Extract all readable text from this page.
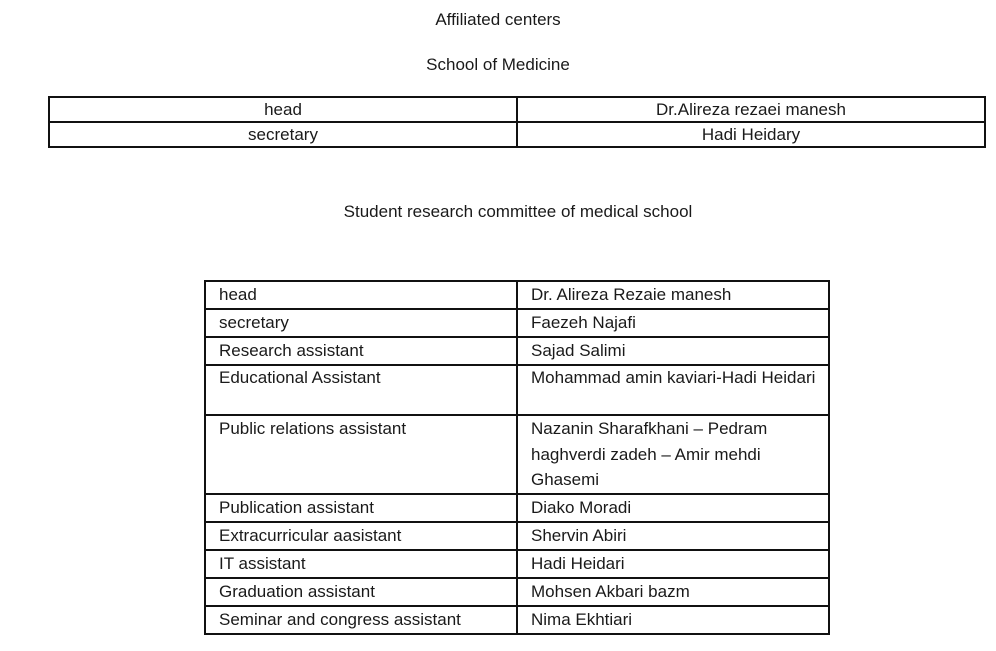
Affiliated centers
School of Medicine
head	Dr.Alireza rezaei manesh
secretary	Hadi Heidary
Student research committee of medical school
head	Dr. Alireza Rezaie manesh
secretary	Faezeh Najafi
Research assistant	Sajad Salimi
Educational Assistant	Mohammad amin kaviari-Hadi Heidari
Public relations assistant	Nazanin Sharafkhani – Pedram haghverdi zadeh – Amir mehdi Ghasemi
Publication assistant	Diako Moradi
Extracurricular aasistant	Shervin Abiri
IT assistant	Hadi Heidari
Graduation assistant	Mohsen Akbari bazm
Seminar and congress assistant	Nima Ekhtiari
